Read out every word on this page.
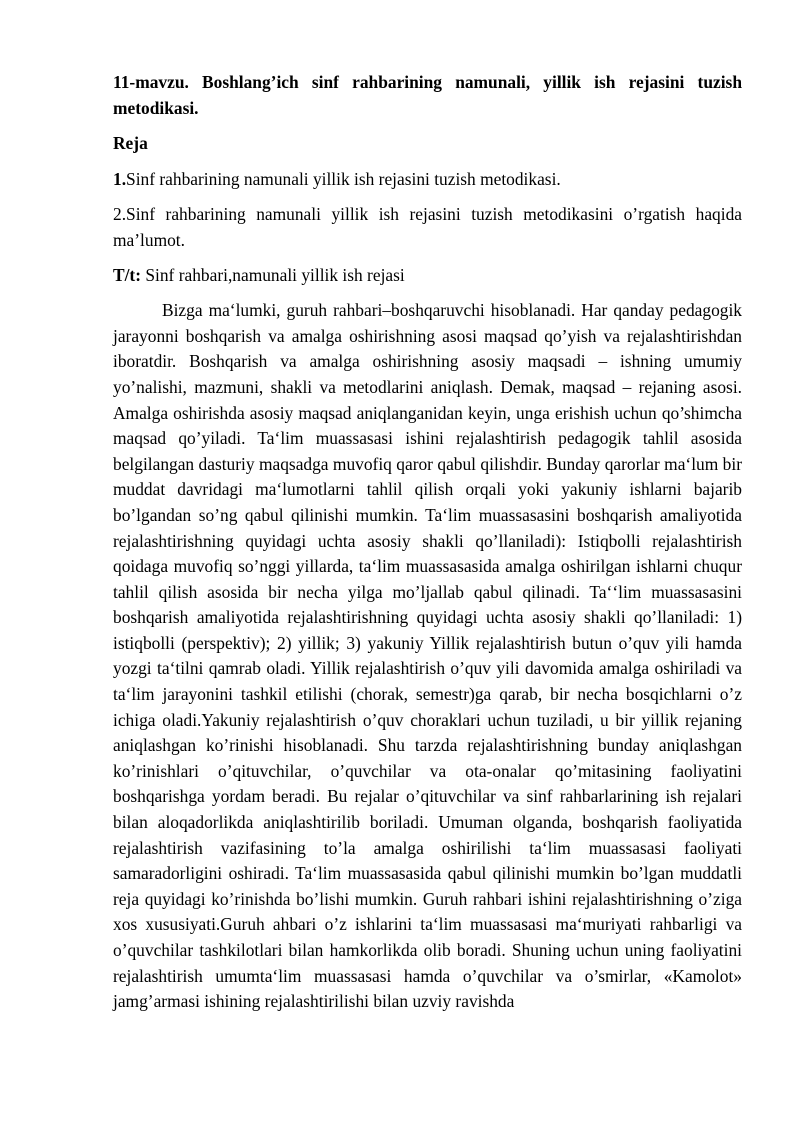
11-mavzu. Boshlang’ich sinf rahbarining namunali, yillik ish rejasini tuzish metodikasi.

Reja

1.Sinf rahbarining namunali yillik ish rejasini tuzish metodikasi.

2.Sinf rahbarining namunali yillik ish rejasini tuzish metodikasini o’rgatish haqida ma’lumot.

T/t: Sinf rahbari,namunali yillik ish rejasi

Bizga maʻlumki, guruh rahbari–boshqaruvchi hisoblanadi. Har qanday pedagogik jarayonni boshqarish va amalga oshirishning asosi maqsad qo’yish va rejalashtirishdan iboratdir. Boshqarish va amalga oshirishning asosiy maqsadi – ishning umumiy yo’nalishi, mazmuni, shakli va metodlarini aniqlash. Demak, maqsad – rejaning asosi. Amalga oshirishda asosiy maqsad aniqlanganidan keyin, unga erishish uchun qo’shimcha maqsad qo’yiladi. Taʻlim muassasasi ishini rejalashtirish pedagogik tahlil asosida belgilangan dasturiy maqsadga muvofiq qaror qabul qilishdir. Bunday qarorlar maʻlum bir muddat davridagi maʻlumotlarni tahlil qilish orqali yoki yakuniy ishlarni bajarib bo’lgandan so’ng qabul qilinishi mumkin. Taʻlim muassasasini boshqarish amaliyotida rejalashtirishning quyidagi uchta asosiy shakli qo’llaniladi): Istiqbolli rejalashtirish qoidaga muvofiq so’nggi yillarda, taʻlim muassasasida amalga oshirilgan ishlarni chuqur tahlil qilish asosida bir necha yilga mo’ljallab qabul qilinadi. Taʻʻlim muassasasini boshqarish amaliyotida rejalashtirishning quyidagi uchta asosiy shakli qo’llaniladi: 1) istiqbolli (perspektiv); 2) yillik; 3) yakuniy Yillik rejalashtirish butun o’quv yili hamda yozgi taʻtilni qamrab oladi. Yillik rejalashtirish o’quv yili davomida amalga oshiriladi va taʻlim jarayonini tashkil etilishi (chorak, semestr)ga qarab, bir necha bosqichlarni o’z ichiga oladi.Yakuniy rejalashtirish o’quv choraklari uchun tuziladi, u bir yillik rejaning aniqlashgan ko’rinishi hisoblanadi. Shu tarzda rejalashtirishning bunday aniqlashgan ko’rinishlari o’qituvchilar, o’quvchilar va ota-onalar qo’mitasining faoliyatini boshqarishga yordam beradi. Bu rejalar o’qituvchilar va sinf rahbarlarining ish rejalari bilan aloqadorlikda aniqlashtirilib boriladi. Umuman olganda, boshqarish faoliyatida rejalashtirish vazifasining to’la amalga oshirilishi taʻlim muassasasi faoliyati samaradorligini oshiradi. Taʻlim muassasasida qabul qilinishi mumkin bo’lgan muddatli reja quyidagi ko’rinishda bo’lishi mumkin. Guruh rahbari ishini rejalashtirishning o’ziga xos xususiyati.Guruh ahbari o’z ishlarini taʻlim muassasasi maʻmuriyati rahbarligi va o’quvchilar tashkilotlari bilan hamkorlikda olib boradi. Shuning uchun uning faoliyatini rejalashtirish umumtaʻlim muassasasi hamda o’quvchilar va o’smirlar, «Kamolot» jamg’armasi ishining rejalashtirilishi bilan uzviy ravishda
